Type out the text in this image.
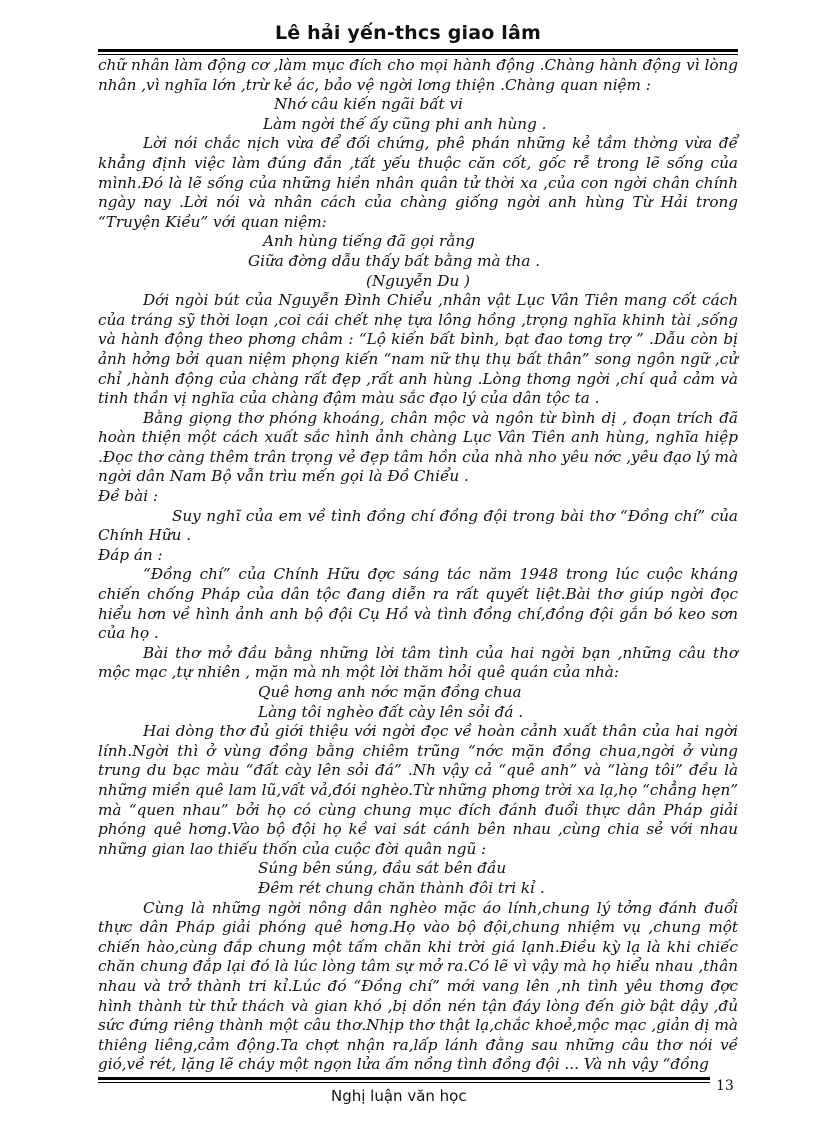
Lê hải yến-thcs giao lâm

chữ nhân làm động cơ ,làm mục đích cho mọi hành động .Chàng hành động vì lòng nhân ,vì nghĩa lớn ,trừ kẻ ác, bảo vệ ngời lơng thiện .Chàng quan niệm :

Nhớ câu kiến ngãi bất vi

Làm ngời thế ấy cũng phi anh hùng .

Lời nói chắc nịch vừa để đối chứng, phê phán những kẻ tầm thờng vừa để khẳng định việc làm đúng đắn ,tất yếu thuộc căn cốt, gốc rễ trong lẽ sống của mình.Đó là lẽ sống của những hiền nhân quân tử thời xa ,của con ngời chân chính ngày nay .Lời nói và nhân cách của chàng giống ngời anh hùng Từ Hải trong “Truyện Kiều” với quan niệm:

Anh hùng tiếng đã gọi rằng

Giữa đờng dẫu thấy bất bằng mà tha .

(Nguyễn Du )

Dới ngòi bút của Nguyễn Đình Chiểu ,nhân vật Lục Vân Tiên mang cốt cách của tráng sỹ thời loạn ,coi cái chết nhẹ tựa lông hồng ,trọng nghĩa khinh tài ,sống và hành động theo phơng châm : “Lộ kiến bất bình, bạt đao tơng trợ ” .Dẫu còn bị ảnh hởng bởi quan niệm phọng kiến “nam nữ thụ thụ bất thân” song ngôn ngữ ,cử chỉ ,hành động của chàng rất đẹp ,rất anh hùng .Lòng thơng ngời ,chí quả cảm và tinh thần vị nghĩa của chàng đậm màu sắc đạo lý của dân tộc ta .

Bằng giọng thơ phóng khoáng, chân mộc và ngôn từ bình dị , đoạn trích đã hoàn thiện một cách xuất sắc hình ảnh chàng Lục Vân Tiên anh hùng, nghĩa hiệp .Đọc thơ càng thêm trân trọng vẻ đẹp tâm hồn của nhà nho yêu nớc ,yêu đạo lý mà ngời dân Nam Bộ vẫn trìu mến gọi là Đồ Chiểu .

Đề bài :

Suy nghĩ của em về tình đồng chí đồng đội trong bài thơ “Đồng chí” của Chính Hữu .

Đáp án :

“Đồng chí” của Chính Hữu đợc sáng tác năm 1948 trong lúc cuộc kháng chiến chống Pháp của dân tộc đang diễn ra rất quyết liệt.Bài thơ giúp ngời đọc hiểu hơn về hình ảnh anh bộ đội Cụ Hồ và tình đồng chí,đồng đội gắn bó keo sơn của họ .

Bài thơ mở đầu bằng những lời tâm tình của hai ngời bạn ,những câu thơ mộc mạc ,tự nhiên , mặn mà nh một lời thăm hỏi quê quán của nhà:

Quê hơng anh nớc mặn đồng chua

Làng tôi nghèo đất cày lên sỏi đá .

Hai dòng thơ đủ giới thiệu với ngời đọc về hoàn cảnh xuất thân của hai ngời lính.Ngời thì ở vùng đồng bằng chiêm trũng “nớc mặn đồng chua,ngời ở vùng trung du bạc màu “đất cày lên sỏi đá” .Nh vậy cả “quê anh” và “làng tôi” đều là những miền quê lam lũ,vất vả,đói nghèo.Từ những phơng trời xa lạ,họ “chẳng hẹn” mà “quen nhau” bởi họ có cùng chung mục đích đánh đuổi thực dân Pháp giải phóng quê hơng.Vào bộ đội họ kề vai sát cánh bên nhau ,cùng chia sẻ với nhau những gian lao thiếu thốn của cuộc đời quân ngũ :

Súng bên súng, đầu sát bên đầu

Đêm rét chung chăn thành đôi tri kỉ .

Cùng là những ngời nông dân nghèo mặc áo lính,chung lý tởng đánh đuổi thực dân Pháp giải phóng quê hơng.Họ vào bộ đội,chung nhiệm vụ ,chung một chiến hào,cùng đắp chung một tấm chăn khi trời giá lạnh.Điều kỳ lạ là khi chiếc chăn chung đắp lại đó là lúc lòng tâm sự mở ra.Có lẽ vì vậy mà họ hiểu nhau ,thân nhau và trở thành tri kỉ.Lúc đó “Đồng chí” mới vang lên ,nh tình yêu thơng đợc hình thành từ thử thách và gian khó ,bị dồn nén tận đáy lòng đến giờ bật dậy ,đủ sức đứng riêng thành một câu thơ.Nhịp thơ thật lạ,chắc khoẻ,mộc mạc ,giản dị mà thiêng liêng,cảm động.Ta chợt nhận ra,lấp lánh đằng sau những câu thơ nói về gió,về rét, lặng lẽ cháy một ngọn lửa ấm nồng tình đồng đội ... Và nh vậy “đồng

13
Nghị luận văn học
